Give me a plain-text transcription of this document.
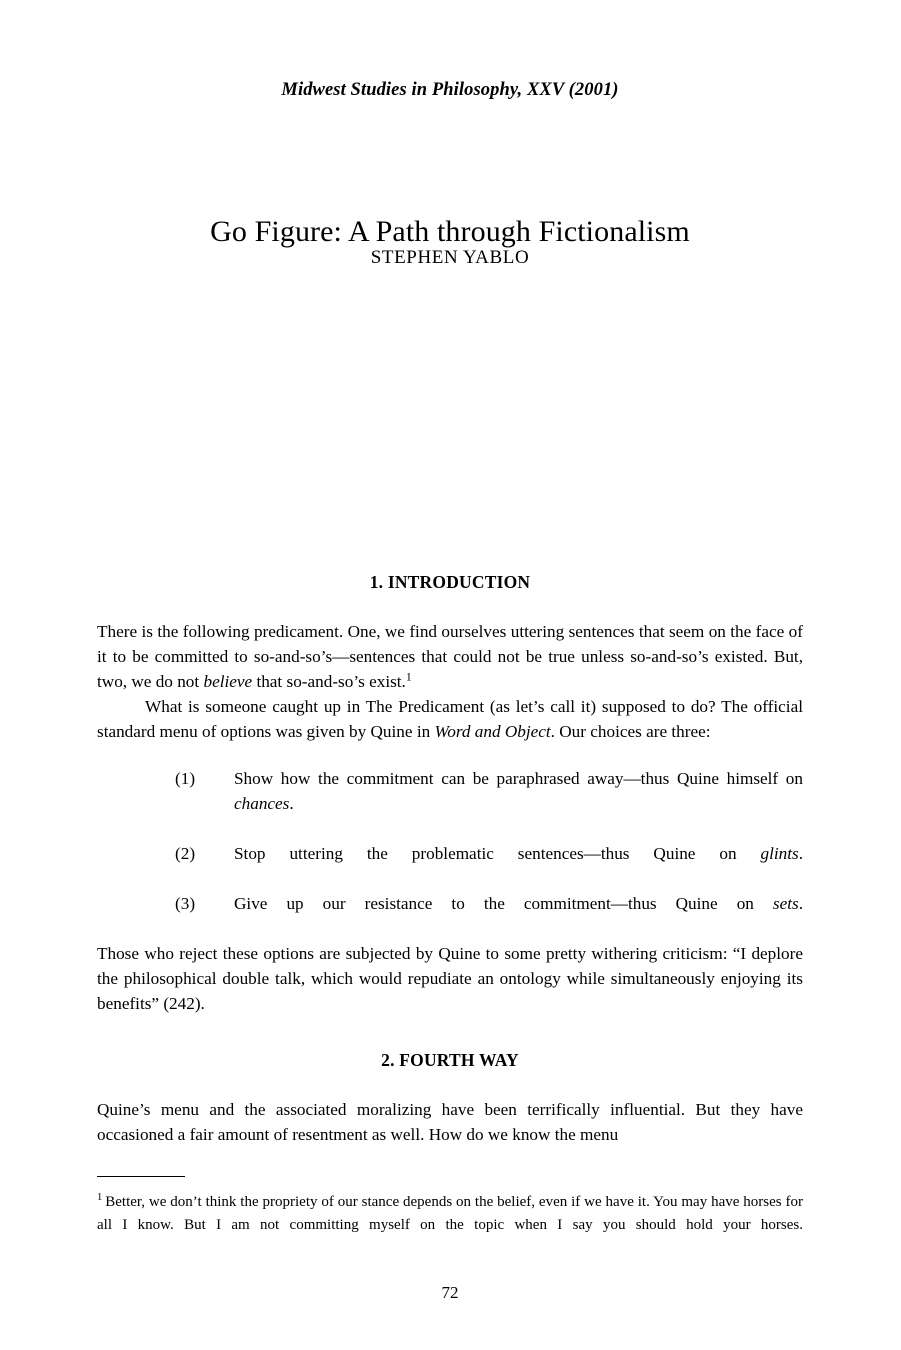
Midwest Studies in Philosophy, XXV (2001)
Go Figure: A Path through Fictionalism
STEPHEN YABLO
1. INTRODUCTION

There is the following predicament. One, we find ourselves uttering sentences that seem on the face of it to be committed to so-and-so’s—sentences that could not be true unless so-and-so’s existed. But, two, we do not believe that so-and-so’s exist.$^1$

What is someone caught up in The Predicament (as let’s call it) supposed to do? The official standard menu of options was given by Quine in Word and Object. Our choices are three:

(1)	Show how the commitment can be paraphrased away—thus Quine himself on chances.
(2)	Stop uttering the problematic sentences—thus Quine on glints.
(3)	Give up our resistance to the commitment—thus Quine on sets.

Those who reject these options are subjected by Quine to some pretty withering criticism: “I deplore the philosophical double talk, which would repudiate an ontology while simultaneously enjoying its benefits” (242).

2. FOURTH WAY

Quine’s menu and the associated moralizing have been terrifically influential. But they have occasioned a fair amount of resentment as well. How do we know the menu

$^1$ Better, we don’t think the propriety of our stance depends on the belief, even if we have it. You may have horses for all I know. But I am not committing myself on the topic when I say you should hold your horses.

72
